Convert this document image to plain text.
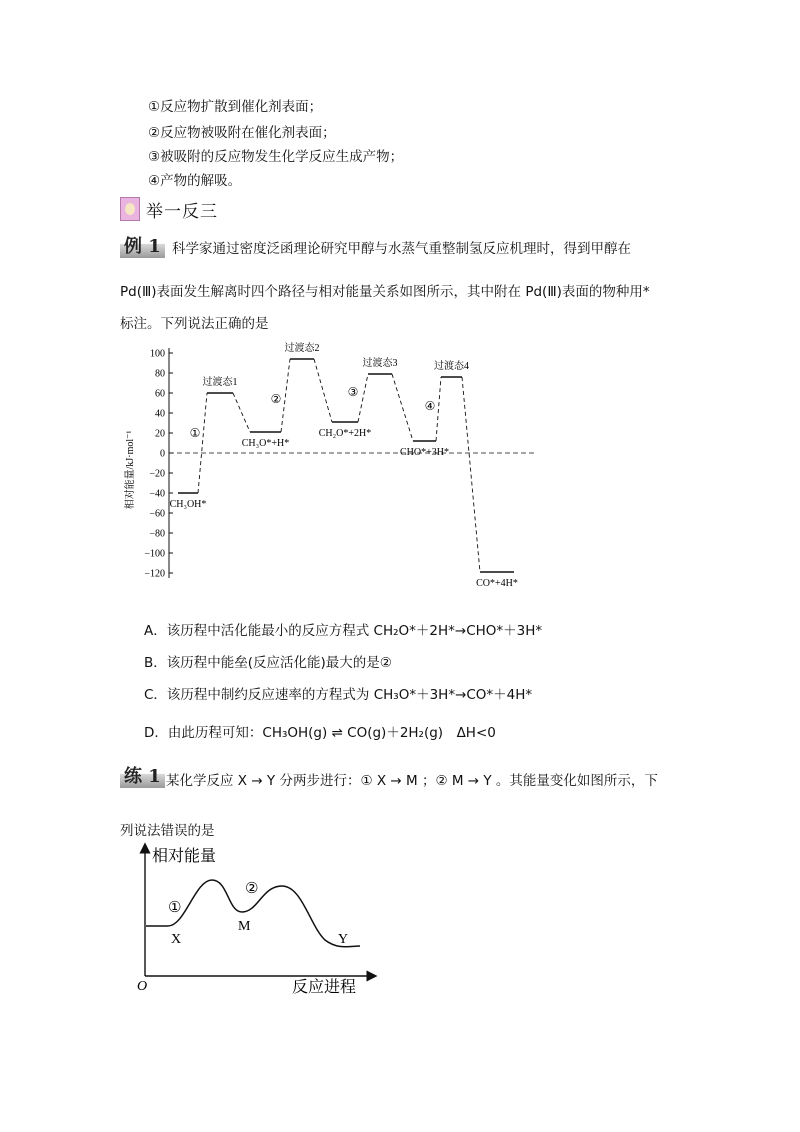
①反应物扩散到催化剂表面；
②反应物被吸附在催化剂表面；
③被吸附的反应物发生化学反应生成产物；
④产物的解吸。
举一反三
例 1 科学家通过密度泛函理论研究甲醇与水蒸气重整制氢反应机理时，得到甲醇在
Pd(Ⅲ)表面发生解离时四个路径与相对能量关系如图所示，其中附在 Pd(Ⅲ)表面的物种用*
标注。下列说法正确的是
100
80
60
40
20
0
−20
−40
−60
−80
−100
−120
CH₃OH*
过渡态1
CH₃O*+H*
过渡态2
CH₂O*+2H*
过渡态3
CHO*+3H*
过渡态4
CO*+4H*
①
②	③
④
相对能量/kJ·mol⁻¹
A．该历程中活化能最小的反应方程式 CH₂O*＋2H*→CHO*＋3H*
B．该历程中能垒(反应活化能)最大的是②
C．该历程中制约反应速率的方程式为 CH₃O*＋3H*→CO*＋4H*
D．由此历程可知：CH₃OH(g) ⇌ CO(g)＋2H₂(g)　ΔH<0
练 1 某化学反应 X → Y 分两步进行：① X → M ；② M → Y 。其能量变化如图所示，下
列说法错误的是
相对能量
反应进程
O
①
②
X
M
Y
